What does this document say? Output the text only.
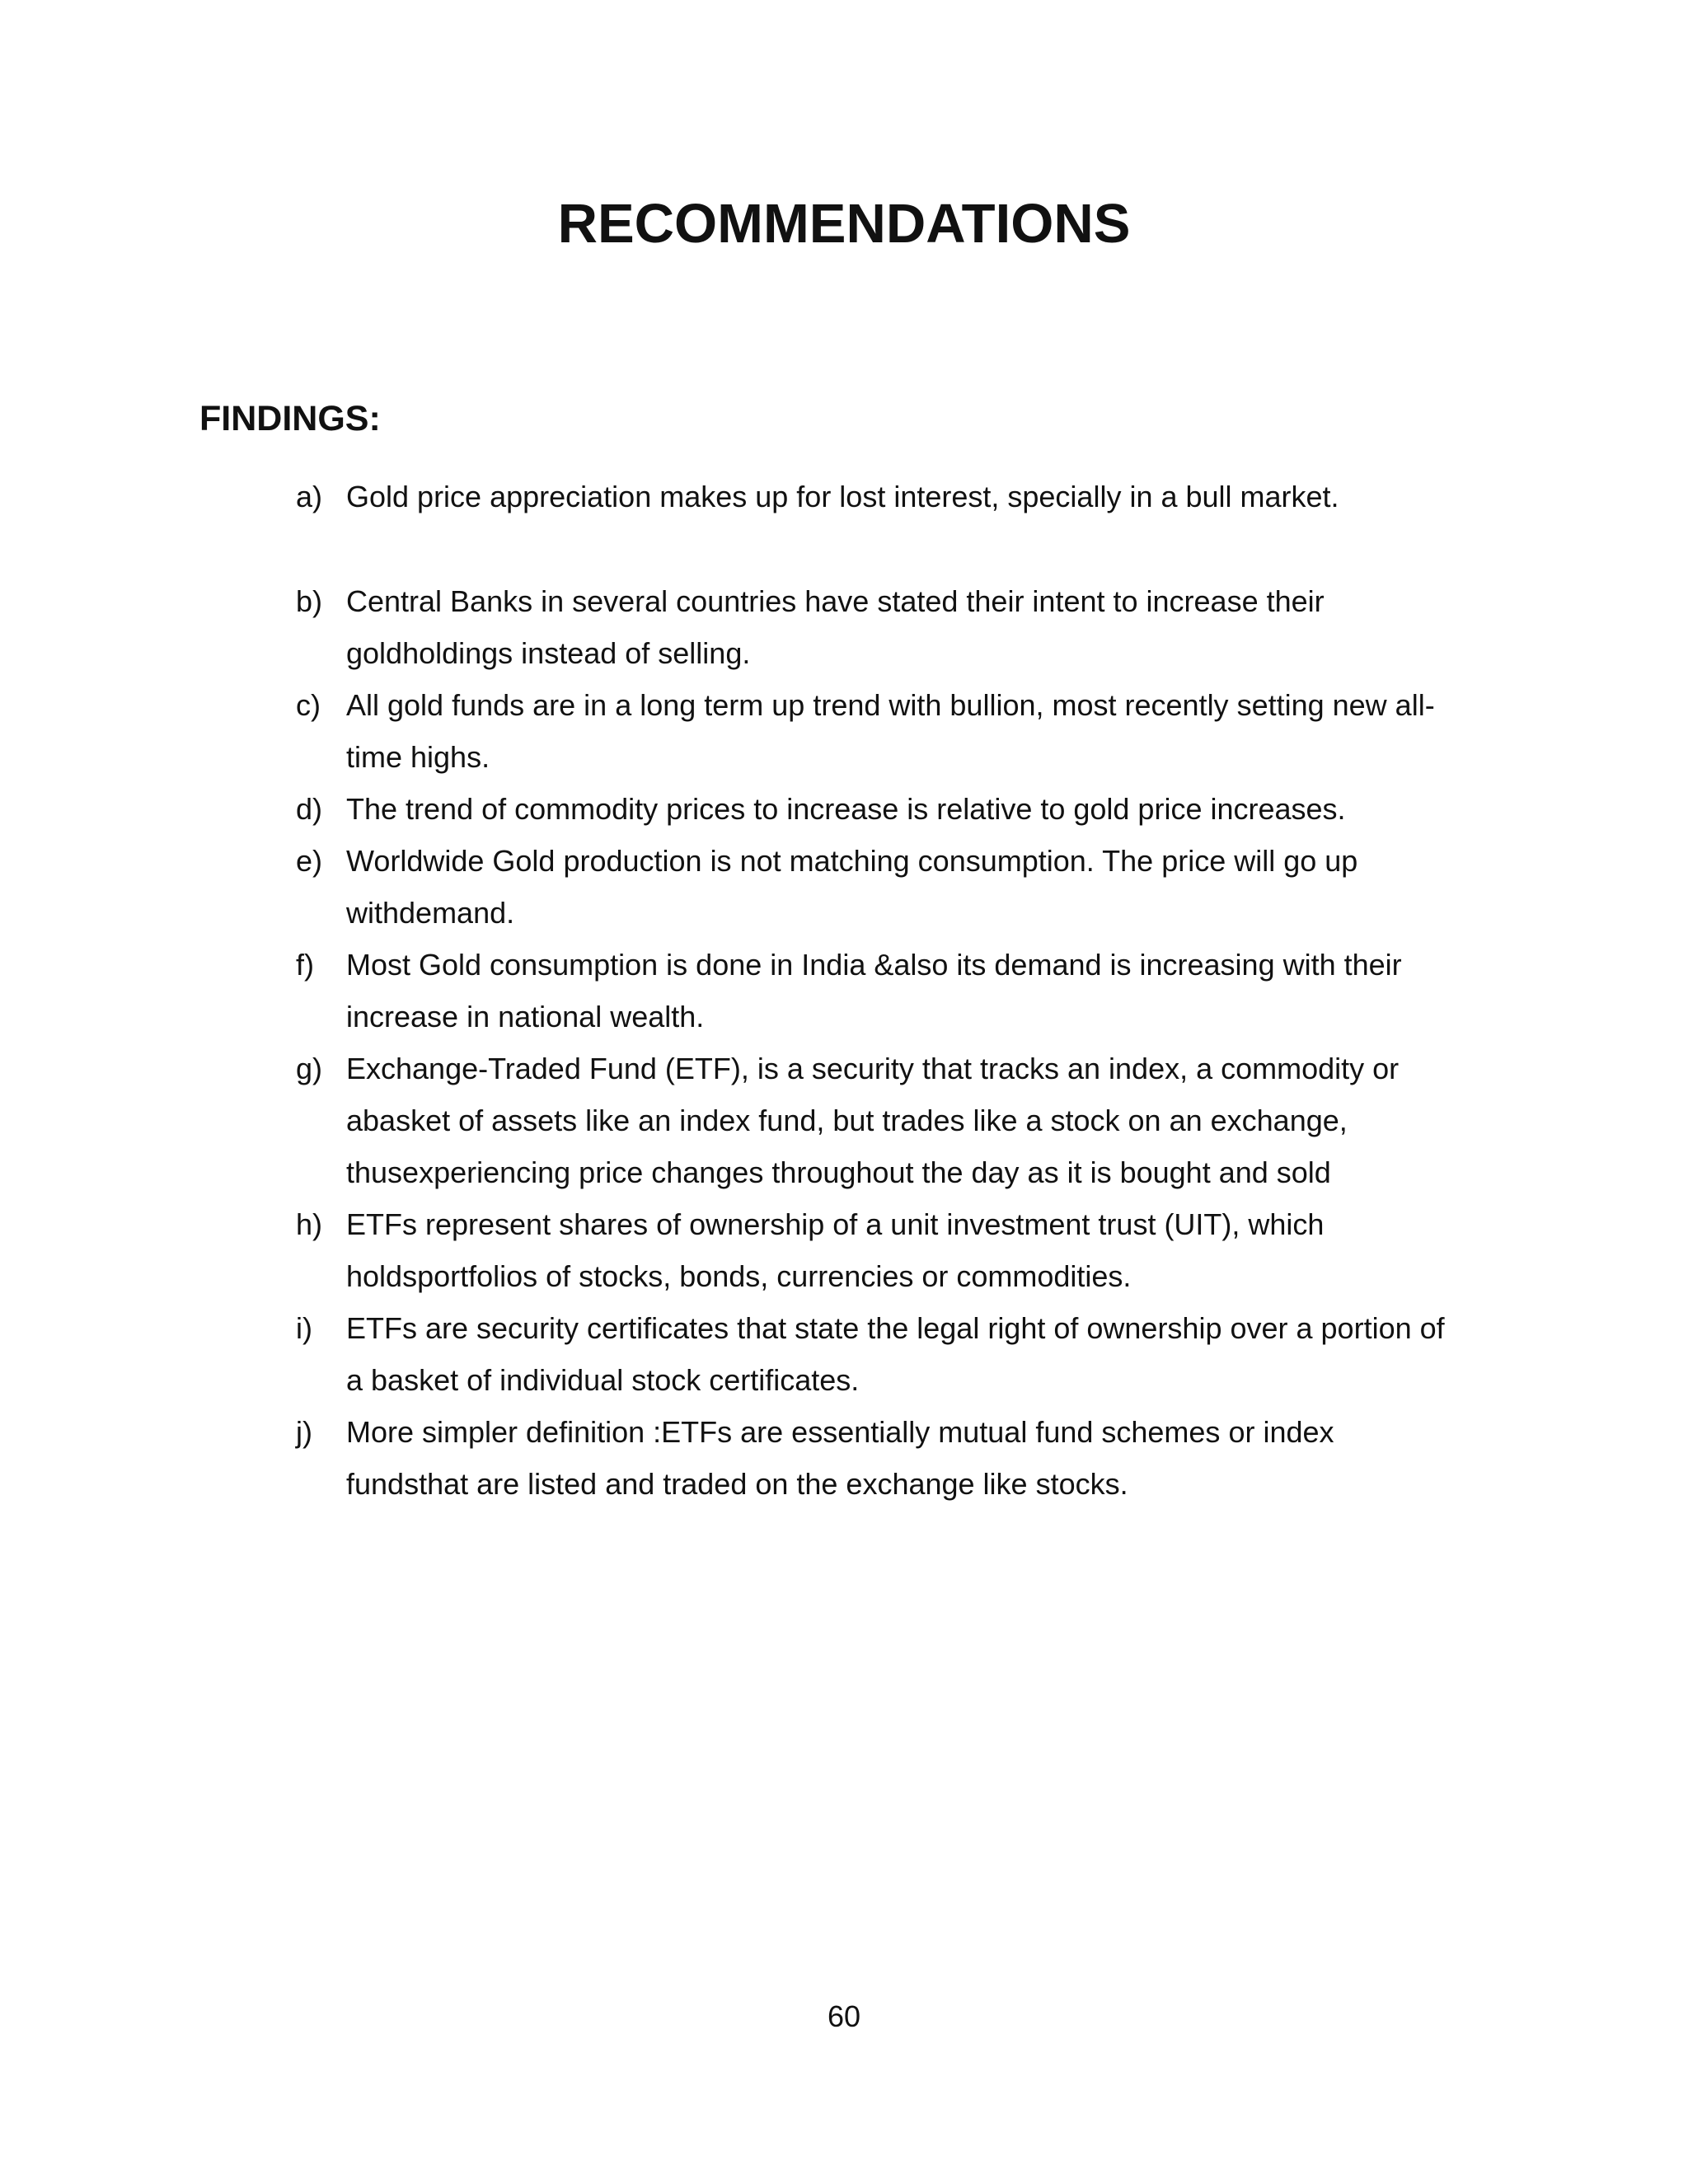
RECOMMENDATIONS
FINDINGS:
a) Gold price appreciation makes up for lost interest, specially in a bull market.
b) Central Banks in several countries have stated their intent to increase their
goldholdings instead of selling.
c) All gold funds are in a long term up trend with bullion, most recently setting new all-
time highs.
d) The trend of commodity prices to increase is relative to gold price increases.
e) Worldwide Gold production is not matching consumption. The price will go up
withdemand.
f) Most Gold consumption is done in India &also its demand is increasing with their
increase in national wealth.
g) Exchange-Traded Fund (ETF), is a security that tracks an index, a commodity or
abasket of assets like an index fund, but trades like a stock on an exchange,
thusexperiencing price changes throughout the day as it is bought and sold
h) ETFs represent shares of ownership of a unit investment trust (UIT), which
holdsportfolios of stocks, bonds, currencies or commodities.
i) ETFs are security certificates that state the legal right of ownership over a portion of
a basket of individual stock certificates.
j) More simpler definition :ETFs are essentially mutual fund schemes or index
fundsthat are listed and traded on the exchange like stocks.
60
